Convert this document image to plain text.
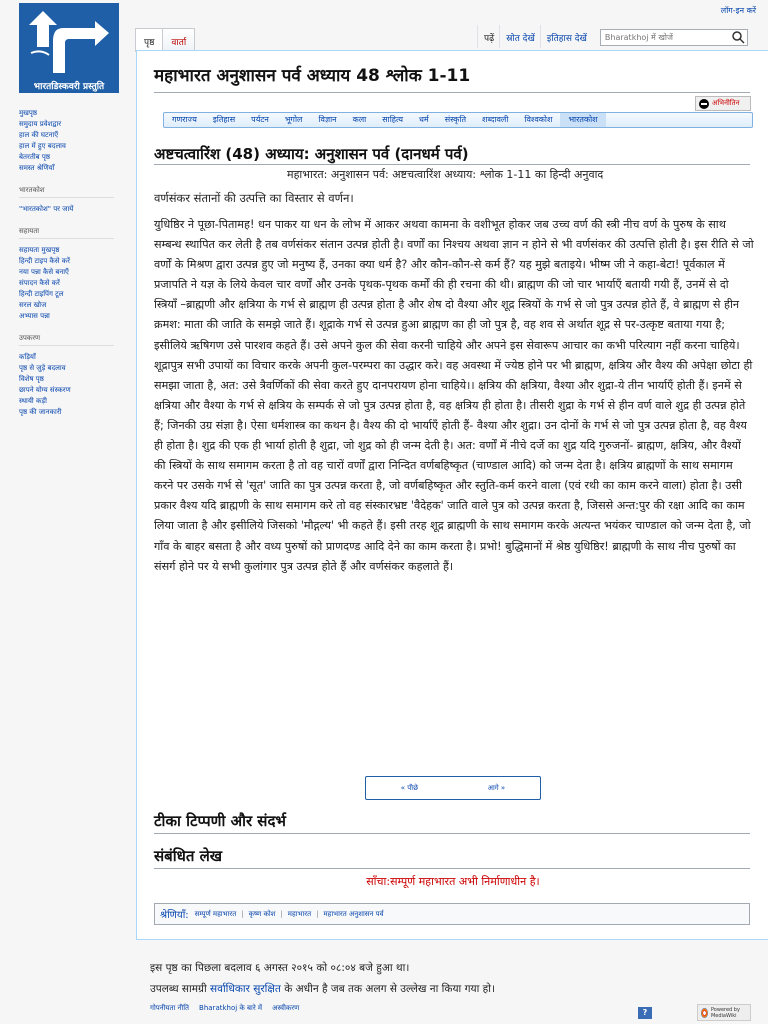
लॉग-इन करें
भारतडिस्कवरी प्रस्तुति
पृष्ठ	वार्ता	पढ़ें	स्रोत देखें	इतिहास देखें	Bharatkhoj में खोजें
मुखपृष्ठ
समुदाय प्रवेशद्वार
हाल की घटनाएँ
हाल में हुए बदलाव
बेतरतीब पृष्ठ
समस्त श्रेणियाँ
भारतकोश
"भारतकोश" पर जायें
सहायता
सहायता मुखपृष्ठ
हिन्दी टाइप कैसे करें
नया पन्ना कैसे बनाएँ
संपादन कैसे करें
हिन्दी टाइपिंग टूल
सरल खोज
अभ्यास पन्ना
उपकरण
कड़ियाँ
पृष्ठ से जुड़े बदलाव
विशेष पृष्ठ
छापने योग्य संस्करण
स्थायी कड़ी
पृष्ठ की जानकारी
महाभारत अनुशासन पर्व अध्याय 48 श्लोक 1-11
अभिनीतिन
गणराज्य	इतिहास	पर्यटन	भूगोल	विज्ञान	कला	साहित्य	धर्म	संस्कृति	शब्दावली	विश्वकोश	भारतकोश
अष्टचत्वारिंश (48) अध्याय: अनुशासन पर्व (दानधर्म पर्व)
महाभारत: अनुशासन पर्व: अष्टचत्वारिंश अध्याय: श्लोक 1-11 का हिन्दी अनुवाद
वर्णसंकर संतानों की उत्पत्ति का विस्तार से वर्णन।

युधिष्ठिर ने पूछा-पितामह! धन पाकर या धन के लोभ में आकर अथवा कामना के वशीभूत होकर जब उच्च वर्ण की स्त्री नीच वर्ण के पुरुष के साथ सम्बन्ध स्थापित कर लेती है तब वर्णसंकर संतान उत्पन्न होती है। वर्णों का निश्चय अथवा ज्ञान न होने से भी वर्णसंकर की उत्पत्ति होती है। इस रीति से जो वर्णों के मिश्रण द्वारा उत्पन्न हुए जो मनुष्य हैं, उनका क्या धर्म है? और कौन-कौन-से कर्म हैं? यह मुझे बताइये। भीष्म जी ने कहा-बेटा! पूर्वकाल में प्रजापति ने यज्ञ के लिये केवल चार वर्णों और उनके पृथक-पृथक कर्मों की ही रचना की थी। ब्राह्मण की जो चार भार्याएँ बतायी गयी हैं, उनमें से दो स्त्रियाँ –ब्राह्मणी और क्षत्रिया के गर्भ से ब्राह्मण ही उत्पन्न होता है और शेष दो वैश्या और शूद्र स्त्रियों के गर्भ से जो पुत्र उत्पन्न होते हैं, वे ब्राह्मण से हीन क्रमश: माता की जाति के समझे जाते हैं। शूद्राके गर्भ से उत्पन्न हुआ ब्राह्मण का ही जो पुत्र है, वह शव से अर्थात शूद्र से पर-उत्कृष्ट बताया गया है; इसीलिये ऋषिगण उसे पारशव कहते हैं। उसे अपने कुल की सेवा करनी चाहिये और अपने इस सेवारूप आचार का कभी परित्याग नहीं करना चाहिये। शूद्रापुत्र सभी उपायों का विचार करके अपनी कुल-परम्परा का उद्धार करे। वह अवस्था में ज्येष्ठ होने पर भी ब्राह्मण, क्षत्रिय और वैश्य की अपेक्षा छोटा ही समझा जाता है, अत: उसे त्रैवर्णिकों की सेवा करते हुए दानपरायण होना चाहिये।। क्षत्रिय की क्षत्रिया, वैश्या और शुद्रा-ये तीन भार्याएँ होती हैं। इनमें से क्षत्रिया और वैश्या के गर्भ से क्षत्रिय के सम्पर्क से जो पुत्र उत्पन्न होता है, वह क्षत्रिय ही होता है। तीसरी शुद्रा के गर्भ से हीन वर्ण वाले शुद्र ही उत्पन्न होते हैं; जिनकी उग्र संज्ञा है। ऐसा धर्मशास्त्र का कथन है। वैश्य की दो भार्याएँ होती हैं- वैश्या और शुद्रा। उन दोनों के गर्भ से जो पुत्र उत्पन्न होता है, वह वैश्य ही होता है। शुद्र की एक ही भार्या होती है शुद्रा, जो शुद्र को ही जन्म देती है। अत: वर्णों में नीचे दर्जे का शुद्र यदि गुरुजनों- ब्राह्मण, क्षत्रिय, और वैश्यों की स्त्रियों के साथ समागम करता है तो वह चारों वर्णों द्वारा निन्दित वर्णबहिष्कृत (चाण्डाल आदि) को जन्म देता है। क्षत्रिय ब्राह्मणों के साथ समागम करने पर उसके गर्भ से 'सूत' जाति का पुत्र उत्पन्न करता है, जो वर्णबहिष्कृत और स्तुति-कर्म करने वाला (एवं रथी का काम करने वाला) होता है। उसी प्रकार वैश्य यदि ब्राह्मणी के साथ समागम करे तो वह संस्कारभ्रष्ट 'वैदेहक' जाति वाले पुत्र को उत्पन्न करता है, जिससे अन्त:पुर की रक्षा आदि का काम लिया जाता है और इसीलिये जिसको 'मौद्गल्य' भी कहते हैं। इसी तरह शूद्र ब्राह्मणी के साथ समागम करके अत्यन्त भयंकर चाण्डाल को जन्म देता है, जो गाँव के बाहर बसता है और वध्य पुरुषों को प्राणदण्ड आदि देने का काम करता है। प्रभो! बुद्धिमानों में श्रेष्ठ युधिष्ठिर! ब्राह्मणी के साथ नीच पुरुषों का संसर्ग होने पर ये सभी कुलांगार पुत्र उत्पन्न होते हैं और वर्णसंकर कहलाते हैं।

« पीछे	आगे »
टीका टिप्पणी और संदर्भ
संबंधित लेख
साँचा:सम्पूर्ण महाभारत अभी निर्माणाधीन है।
श्रेणियाँ: सम्पूर्ण महाभारत | कृष्ण कोश | महाभारत | महाभारत अनुशासन पर्व
इस पृष्ठ का पिछला बदलाव ६ अगस्त २०१५ को ०८:०४ बजे हुआ था।
उपलब्ध सामग्री सर्वाधिकार सुरक्षित के अधीन है जब तक अलग से उल्लेख ना किया गया हो।
गोपनीयता नीति Bharatkhoj के बारे में अस्वीकरण	?	Powered by MediaWiki
